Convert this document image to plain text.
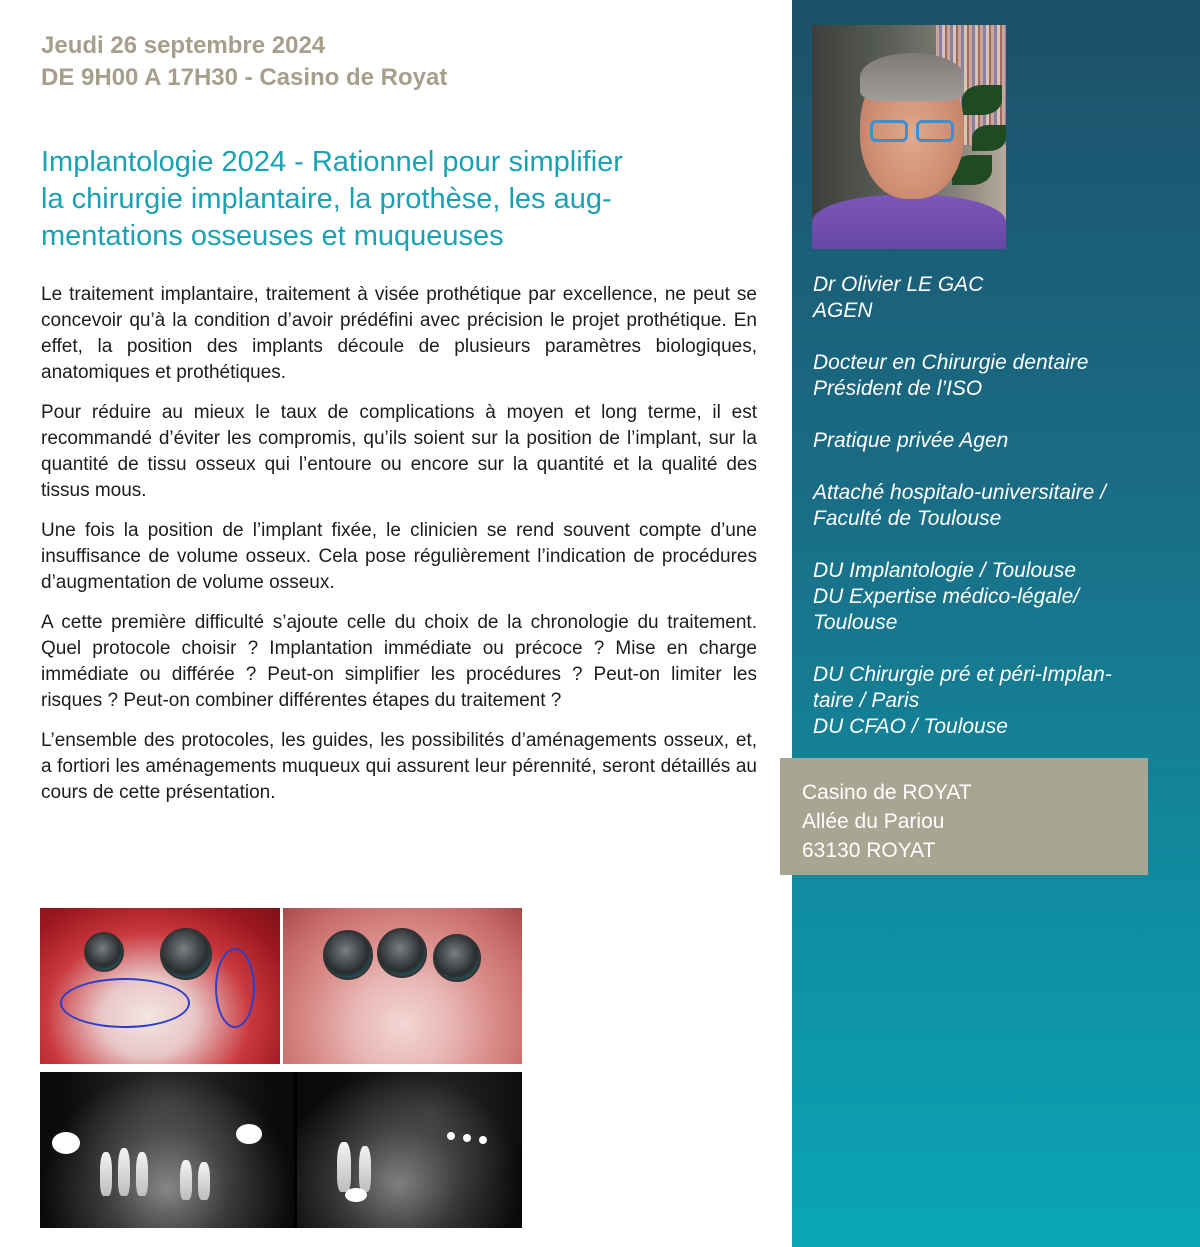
Jeudi 26 septembre 2024
DE 9H00 A 17H30 - Casino de Royat
Implantologie 2024 - Rationnel pour simplifier
la chirurgie implantaire, la prothèse, les aug-
mentations osseuses et muqueuses

Le traitement implantaire, traitement à visée prothétique par excellence, ne peut se concevoir qu’à la condition d’avoir prédéfini avec précision le projet prothétique. En effet, la position des implants découle de plusieurs paramètres biologiques, anatomiques et prothétiques.

Pour réduire au mieux le taux de complications à moyen et long terme, il est recommandé d’éviter les compromis, qu’ils soient sur la position de l’implant, sur la quantité de tissu osseux qui l’entoure ou encore sur la quantité et la qualité des tissus mous.

Une fois la position de l’implant fixée, le clinicien se rend souvent compte d’une insuffisance de volume osseux. Cela pose régulièrement l’indication de procédures d’augmentation de volume osseux.

A cette première difficulté s’ajoute celle du choix de la chronologie du traitement. Quel protocole choisir ? Implantation immédiate ou précoce ? Mise en charge immédiate ou différée ? Peut-on simplifier les procédures ? Peut-on limiter les risques ? Peut-on combiner différentes étapes du traitement ?

L’ensemble des protocoles, les guides, les possibilités d’aménagements osseux, et, a fortiori les aménagements muqueux qui assurent leur pérennité, seront détaillés au cours de cette présentation.

Dr Olivier LE GAC
AGEN
Docteur en Chirurgie dentaire
Président de l’ISO
Pratique privée Agen
Attaché hospitalo-universitaire /
Faculté de Toulouse
DU Implantologie / Toulouse
DU Expertise médico-légale/
Toulouse
DU Chirurgie pré et péri-Implan-
taire / Paris
DU CFAO / Toulouse
Casino de ROYAT
Allée du Pariou
63130 ROYAT
